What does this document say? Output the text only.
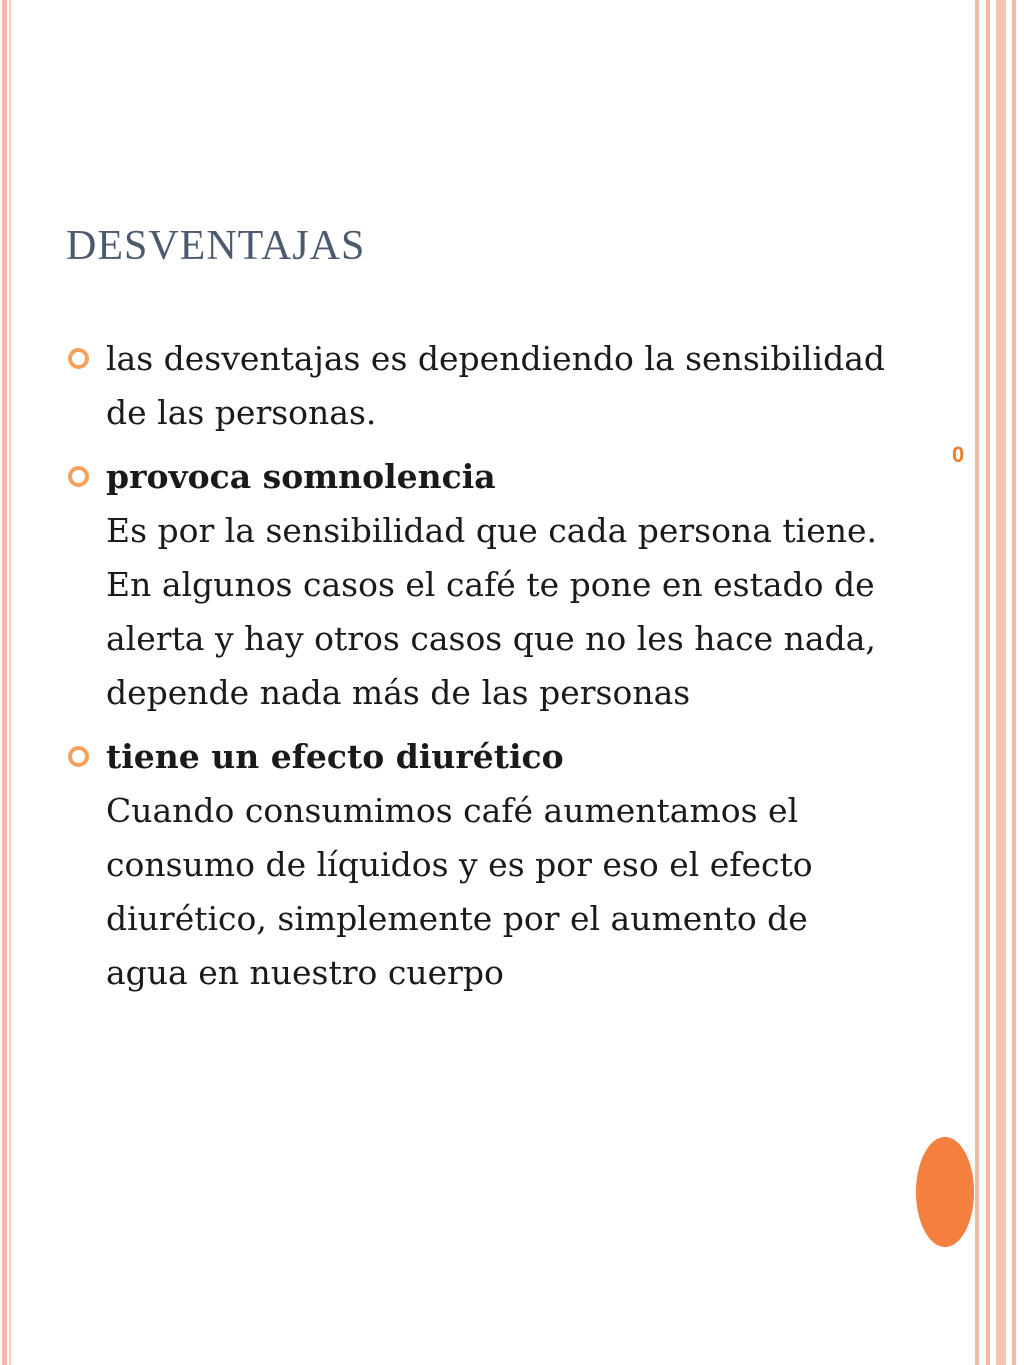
DESVENTAJAS
las desventajas es dependiendo la sensibilidad de las personas.
provoca somnolencia
Es por la sensibilidad que cada persona tiene. En algunos casos el café te pone en estado de alerta y hay otros casos que no les hace nada, depende nada más de las personas
tiene un efecto diurético
Cuando consumimos café aumentamos el consumo de líquidos y es por eso el efecto diurético, simplemente por el aumento de agua en nuestro cuerpo

0
